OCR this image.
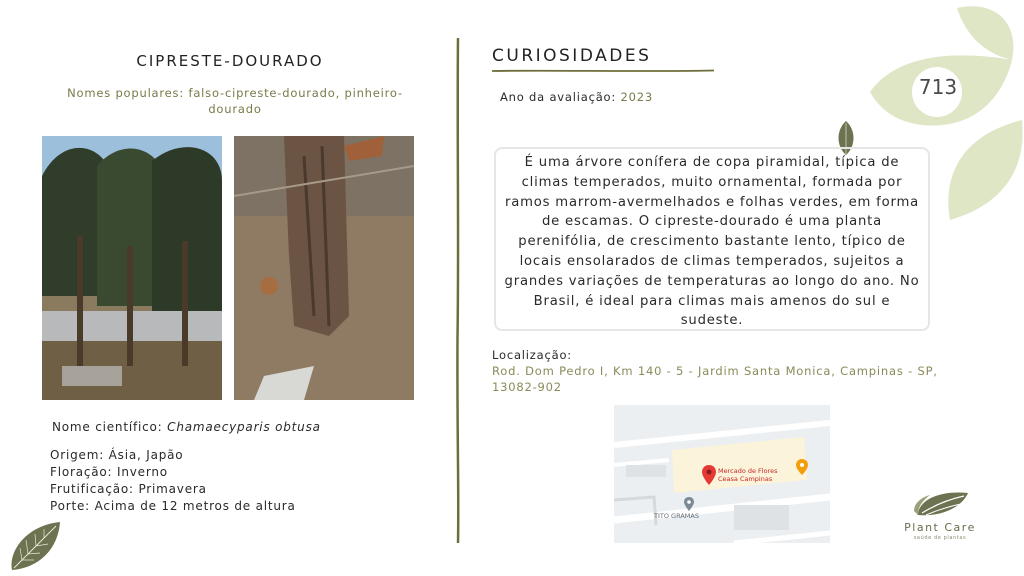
713
CIPRESTE-DOURADO
Nomes populares: falso-cipreste-dourado, pinheiro-dourado
Nome científico: Chamaecyparis obtusa
Origem: Ásia, Japão
Floração: Inverno
Frutificação: Primavera
Porte: Acima de 12 metros de altura
CURIOSIDADES
Ano da avaliação: 2023
É uma árvore conífera de copa piramidal, típica de climas temperados, muito ornamental, formada por ramos marrom-avermelhados e folhas verdes, em forma de escamas. O cipreste-dourado é uma planta perenifólia, de crescimento bastante lento, típico de locais ensolarados de climas temperados, sujeitos a grandes variações de temperaturas ao longo do ano. No Brasil, é ideal para climas mais amenos do sul e sudeste.
Localização:
Rod. Dom Pedro I, Km 140 - 5 - Jardim Santa Monica, Campinas - SP, 13082-902
Mercado de Flores
Ceasa Campinas
TITO GRAMAS
Plant Care
saúde de plantas
